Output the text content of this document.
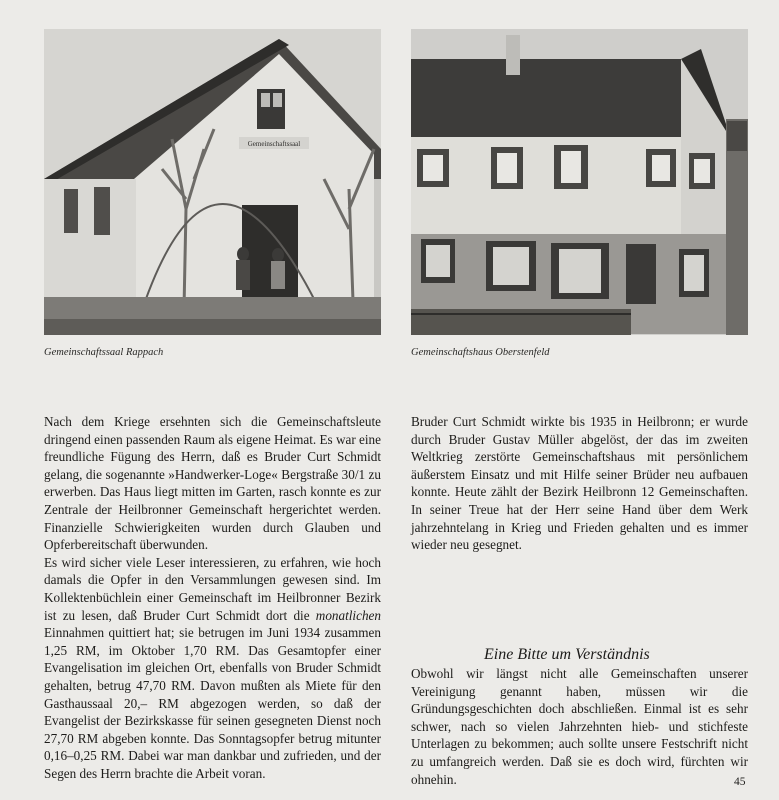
Gemeinschaftssaal
Gemeinschaftssaal Rappach	Gemeinschaftshaus Oberstenfeld

Nach dem Kriege ersehnten sich die Gemeinschaftsleute dringend einen passenden Raum als eigene Heimat. Es war eine freundliche Fügung des Herrn, daß es Bruder Curt Schmidt gelang, die sogenannte »Handwerker-Loge« Bergstraße 30/1 zu erwerben. Das Haus liegt mitten im Garten, rasch konnte es zur Zentrale der Heilbronner Gemeinschaft hergerichtet werden. Finanzielle Schwierigkeiten wurden durch Glauben und Opferbereitschaft überwunden.

Es wird sicher viele Leser interessieren, zu erfahren, wie hoch damals die Opfer in den Versammlungen gewesen sind. Im Kollektenbüchlein einer Gemeinschaft im Heilbronner Bezirk ist zu lesen, daß Bruder Curt Schmidt dort die monatlichen Einnahmen quittiert hat; sie betrugen im Juni 1934 zusammen 1,25 RM, im Oktober 1,70 RM. Das Gesamtopfer einer Evangelisation im gleichen Ort, ebenfalls von Bruder Schmidt gehalten, betrug 47,70 RM. Davon mußten als Miete für den Gasthaussaal 20,– RM abgezogen werden, so daß der Evangelist der Bezirkskasse für seinen gesegneten Dienst noch 27,70 RM abgeben konnte. Das Sonntagsopfer betrug mitunter 0,16–0,25 RM. Dabei war man dankbar und zufrieden, und der Segen des Herrn brachte die Arbeit voran.

Bruder Curt Schmidt wirkte bis 1935 in Heilbronn; er wurde durch Bruder Gustav Müller abgelöst, der das im zweiten Weltkrieg zerstörte Gemeinschaftshaus mit persönlichem äußerstem Einsatz und mit Hilfe seiner Brüder neu aufbauen konnte. Heute zählt der Bezirk Heilbronn 12 Gemeinschaften. In seiner Treue hat der Herr seine Hand über dem Werk jahrzehntelang in Krieg und Frieden gehalten und es immer wieder neu gesegnet.

Eine Bitte um Verständnis

Obwohl wir längst nicht alle Gemeinschaften unserer Vereinigung genannt haben, müssen wir die Gründungsgeschichten doch abschließen. Einmal ist es sehr schwer, nach so vielen Jahrzehnten hieb- und stichfeste Unterlagen zu bekommen; auch sollte unsere Festschrift nicht zu umfangreich werden. Daß sie es doch wird, fürchten wir ohnehin.	45
